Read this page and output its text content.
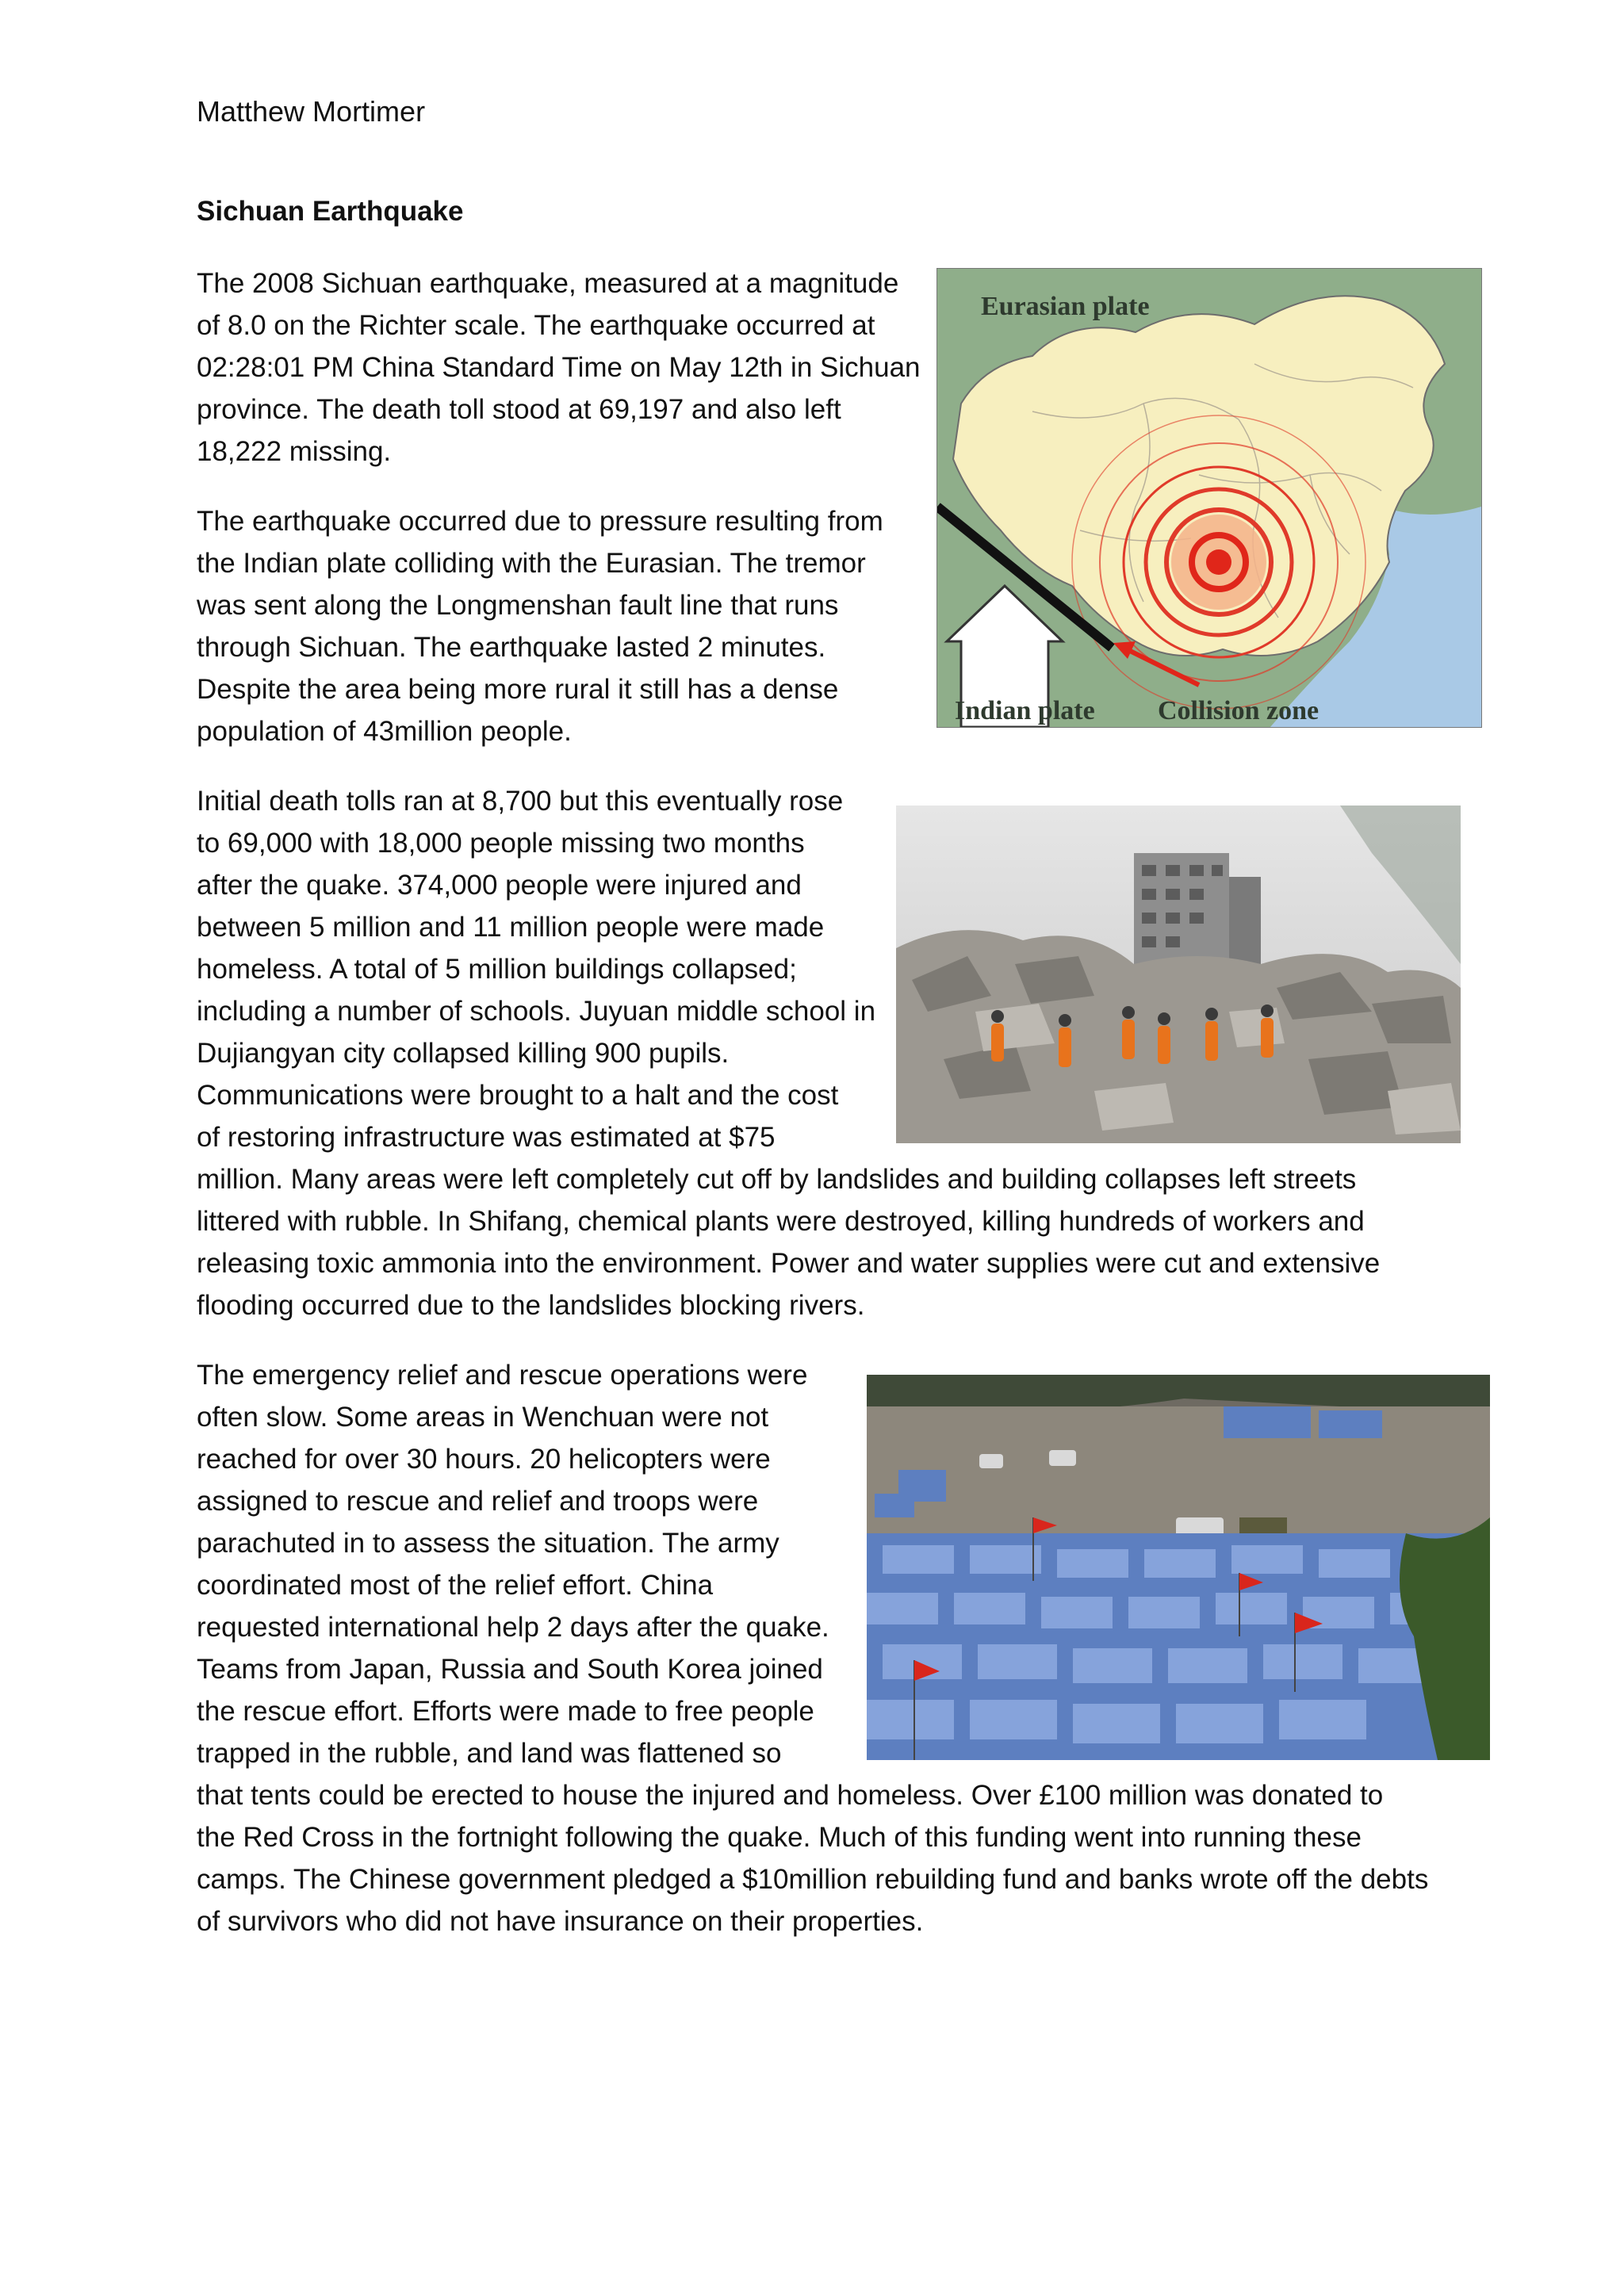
Matthew Mortimer

Sichuan Earthquake

The 2008 Sichuan earthquake, measured at a magnitude

of 8.0 on the Richter scale. The earthquake occurred at

02:28:01 PM China Standard Time on May 12th in Sichuan

province. The death toll stood at 69,197 and also left

18,222 missing.

The earthquake occurred due to pressure resulting from

the Indian plate colliding with the Eurasian. The tremor

was sent along the Longmenshan fault line that runs

through Sichuan. The earthquake lasted 2 minutes.

Despite the area being more rural it still has a dense

population of 43million people.

Initial death tolls ran at 8,700 but this eventually rose

to 69,000 with 18,000 people missing two months

after the quake. 374,000 people were injured and

between 5 million and 11 million people were made

homeless. A total of 5 million buildings collapsed;

including a number of schools. Juyuan middle school in

Dujiangyan city collapsed killing 900 pupils.

Communications were brought to a halt and the cost

of restoring infrastructure was estimated at $75

million. Many areas were left completely cut off by landslides and building collapses left streets

littered with rubble. In Shifang, chemical plants were destroyed, killing hundreds of workers and

releasing toxic ammonia into the environment. Power and water supplies were cut and extensive

flooding occurred due to the landslides blocking rivers.

The emergency relief and rescue operations were

often slow. Some areas in Wenchuan were not

reached for over 30 hours. 20 helicopters were

assigned to rescue and relief and troops were

parachuted in to assess the situation. The army

coordinated most of the relief effort. China

requested international help 2 days after the quake.

Teams from Japan, Russia and South Korea joined

the rescue effort. Efforts were made to free people

trapped in the rubble, and land was flattened so

that tents could be erected to house the injured and homeless. Over £100 million was donated to

the Red Cross in the fortnight following the quake. Much of this funding went into running these

camps. The Chinese government pledged a $10million rebuilding fund and banks wrote off the debts

of survivors who did not have insurance on their properties.

Eurasian plate
Indian plate Collision zone
